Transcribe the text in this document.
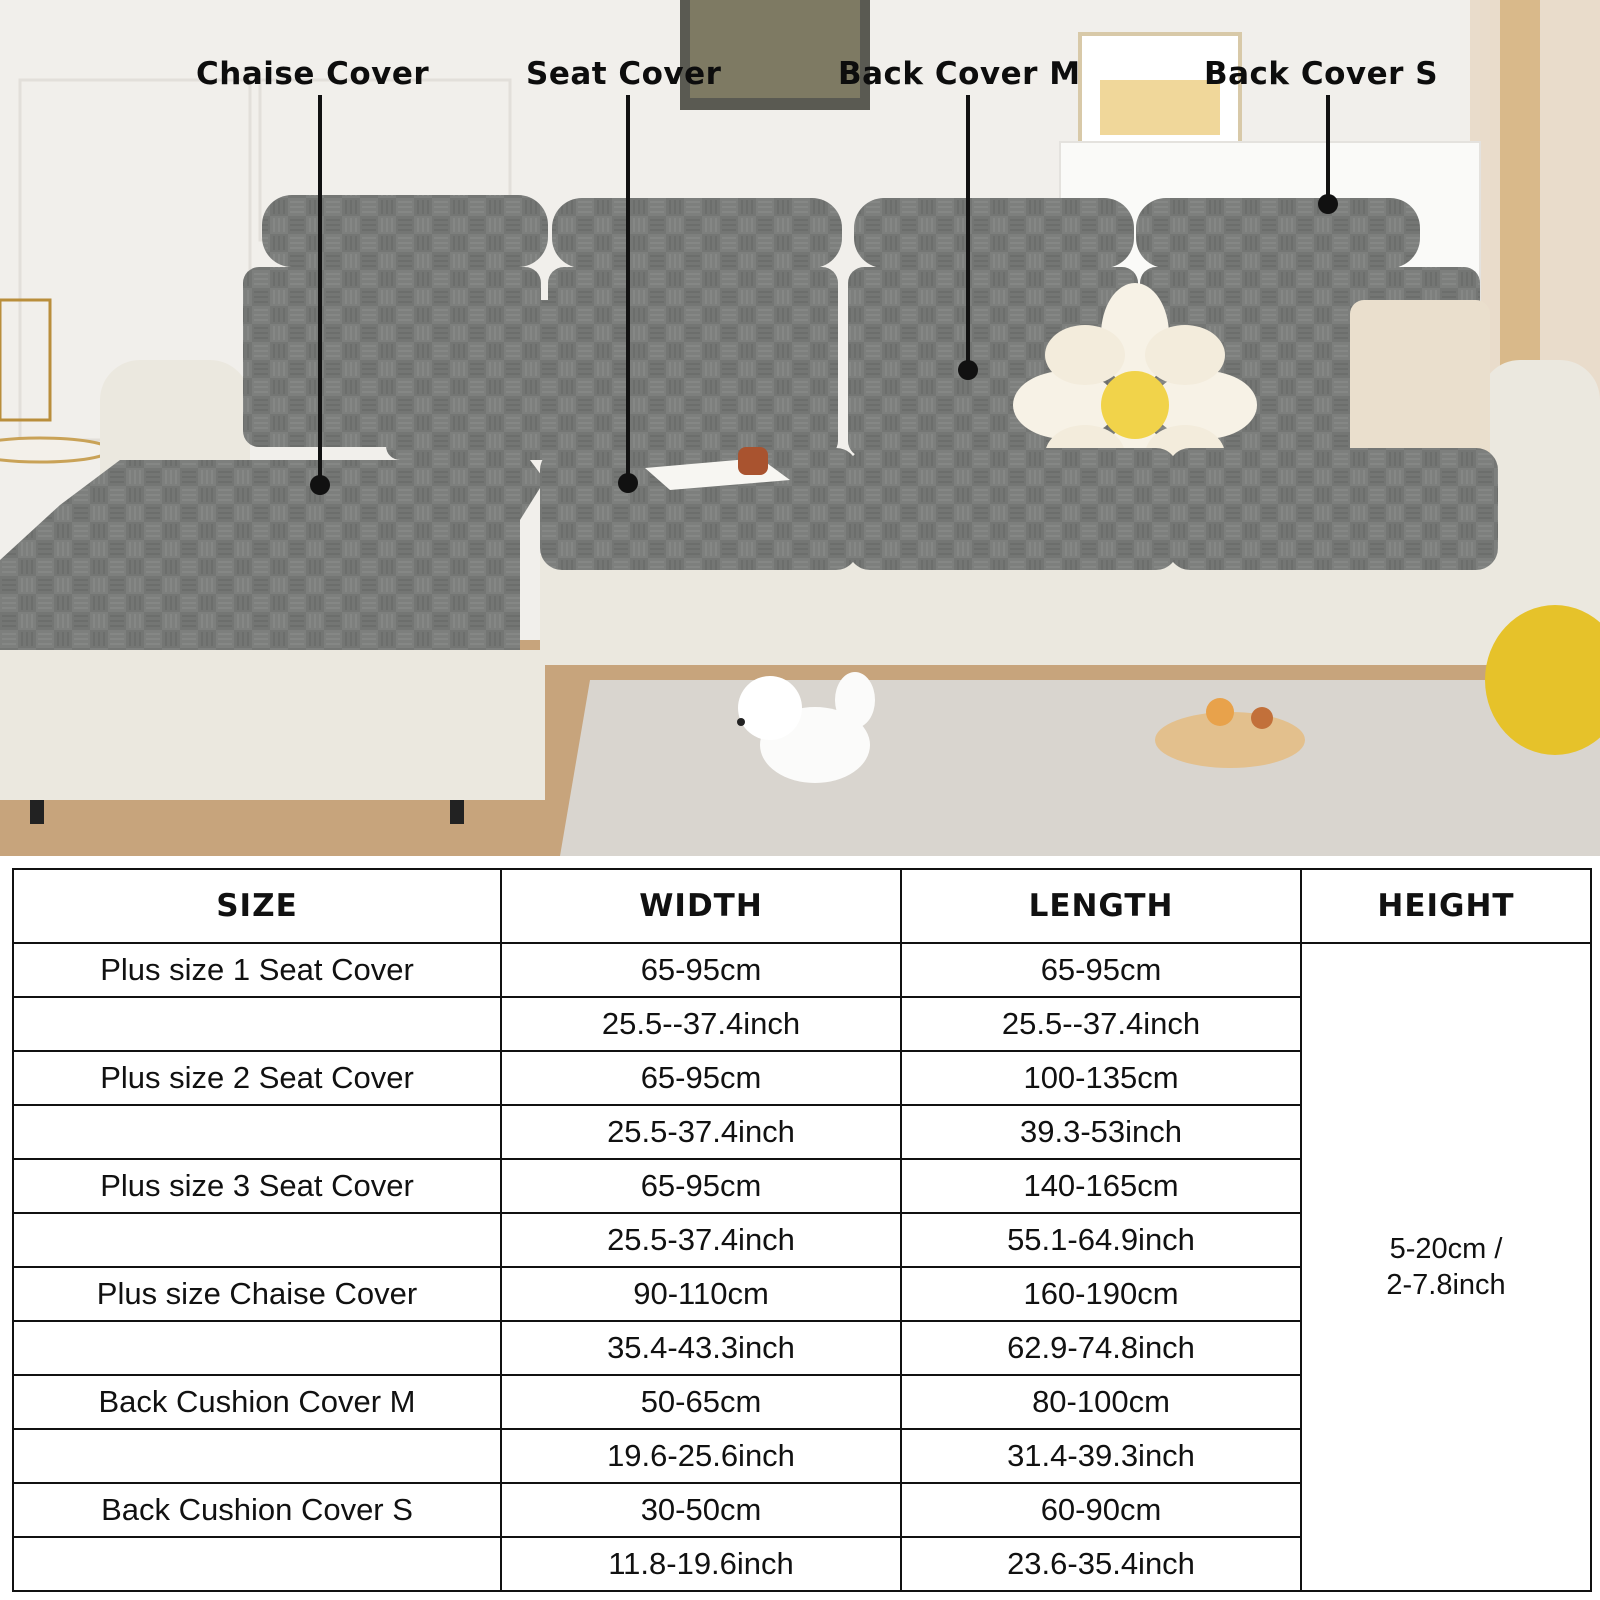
Chaise Cover	Seat Cover	Back Cover M	Back Cover S
SIZE	WIDTH	LENGTH	HEIGHT
Plus size 1 Seat Cover	65-95cm	65-95cm	5-20cm /
2-7.8inch

	25.5--37.4inch	25.5--37.4inch	
Plus size 2 Seat Cover	65-95cm	100-135cm	
	25.5-37.4inch	39.3-53inch	
Plus size 3 Seat Cover	65-95cm	140-165cm	
	25.5-37.4inch	55.1-64.9inch	
Plus size Chaise Cover	90-110cm	160-190cm	
	35.4-43.3inch	62.9-74.8inch	
Back Cushion Cover M	50-65cm	80-100cm	
	19.6-25.6inch	31.4-39.3inch	
Back Cushion Cover S	30-50cm	60-90cm	
	11.8-19.6inch	23.6-35.4inch	
